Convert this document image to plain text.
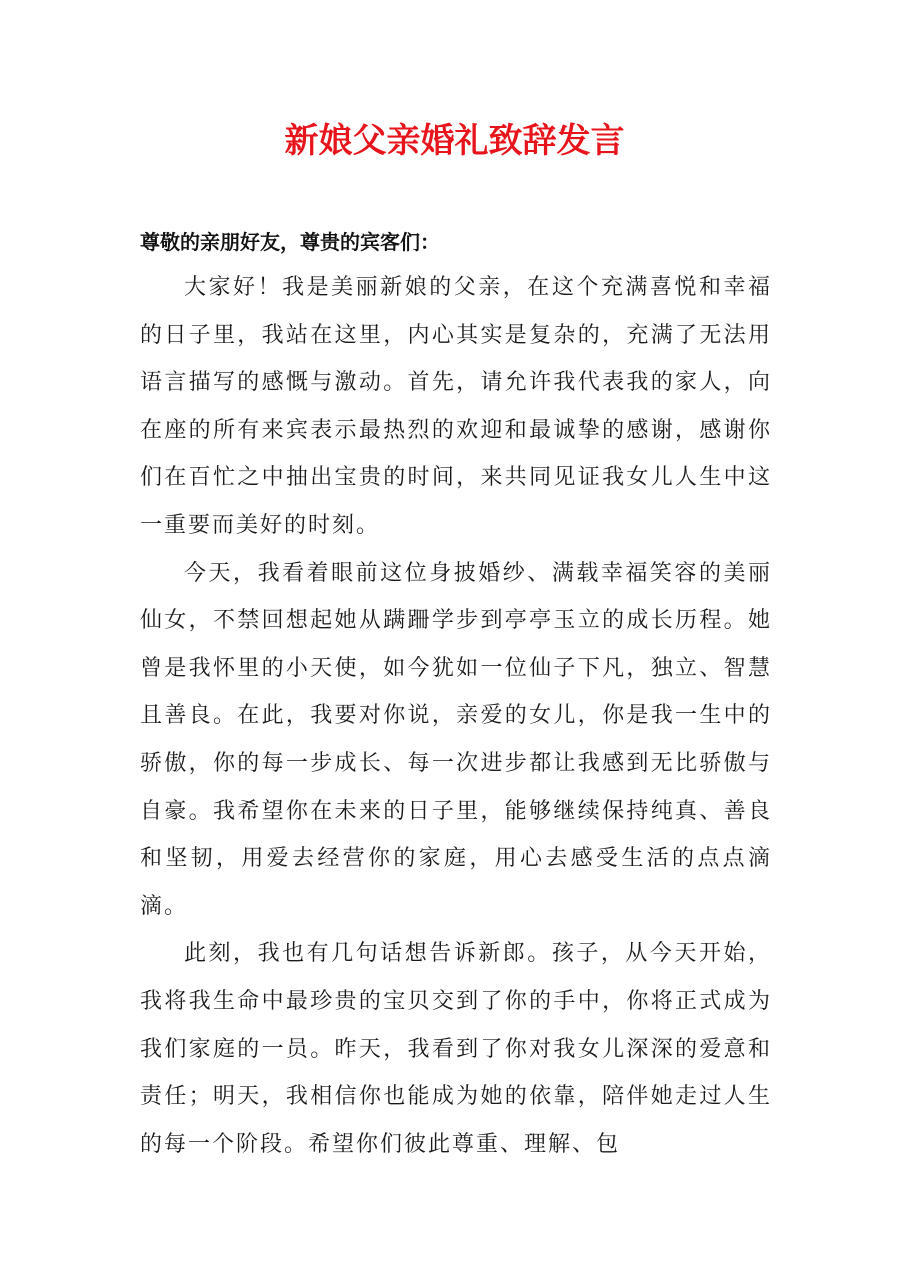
新娘父亲婚礼致辞发言

尊敬的亲朋好友，尊贵的宾客们：

大家好！我是美丽新娘的父亲，在这个充满喜悦和幸福的日子里，我站在这里，内心其实是复杂的，充满了无法用语言描写的感慨与激动。首先，请允许我代表我的家人，向在座的所有来宾表示最热烈的欢迎和最诚挚的感谢，感谢你们在百忙之中抽出宝贵的时间，来共同见证我女儿人生中这一重要而美好的时刻。

今天，我看着眼前这位身披婚纱、满载幸福笑容的美丽仙女，不禁回想起她从蹒跚学步到亭亭玉立的成长历程。她曾是我怀里的小天使，如今犹如一位仙子下凡，独立、智慧且善良。在此，我要对你说，亲爱的女儿，你是我一生中的骄傲，你的每一步成长、每一次进步都让我感到无比骄傲与自豪。我希望你在未来的日子里，能够继续保持纯真、善良和坚韧，用爱去经营你的家庭，用心去感受生活的点点滴滴。

此刻，我也有几句话想告诉新郎。孩子，从今天开始，我将我生命中最珍贵的宝贝交到了你的手中，你将正式成为我们家庭的一员。昨天，我看到了你对我女儿深深的爱意和责任；明天，我相信你也能成为她的依靠，陪伴她走过人生的每一个阶段。希望你们彼此尊重、理解、包
